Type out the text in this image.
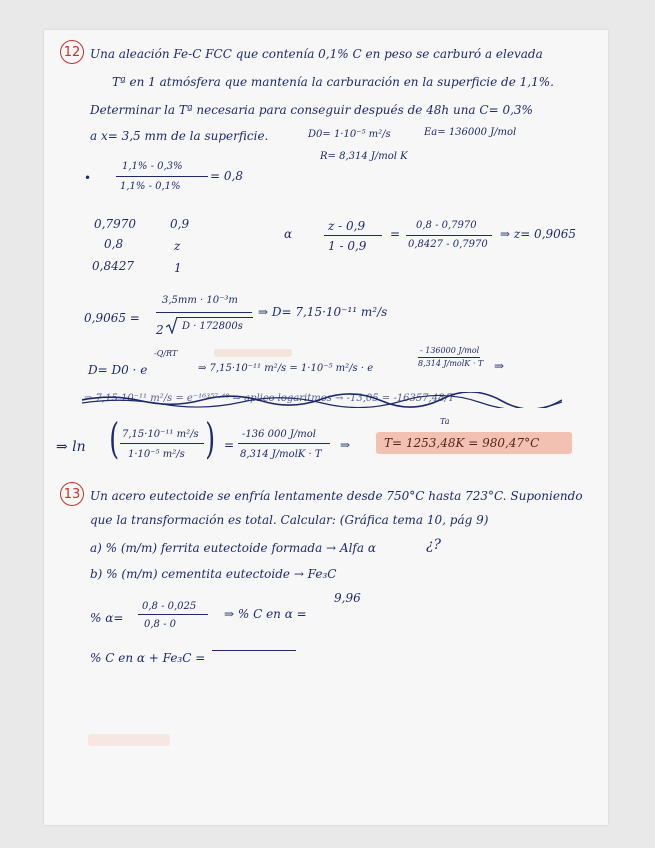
12 Una aleación Fe-C FCC que contenía 0,1% C en peso se carburó a elevada
Tª en 1 atmósfera que mantenía la carburación en la superficie de 1,1%.
Determinar la Tª necesaria para conseguir después de 48h una C= 0,3%
a x= 3,5 mm de la superficie.	D0= 1·10⁻⁵ m²/s	Ea= 136000 J/mol
R= 8,314 J/mol K
•
1,1% - 0,3%
1,1% - 0,1%
= 0,8
0,7970	0,9
0,8	z
0,8427	1
α
z - 0,9
1 - 0,9
=
0,8 - 0,7970
0,8427 - 0,7970
⇒ z= 0,9065
0,9065 =
3,5mm · 10⁻³m
2 D · 172800s
⇒ D= 7,15·10⁻¹¹ m²/s
D= D0 · e
-Q/RT
⇒ 7,15·10⁻¹¹ m²/s = 1·10⁻⁵ m²/s · e
- 136000 J/mol
8,314 J/molK · T ⇒
⇒ 7,15·10⁻¹¹ m²/s = e⁻¹⁶³⁵⁷·⁴⁸ ⇒ aplico logaritmos → -13,05 = -16357,48/T
Ta
⇒ ln ( 7,15·10⁻¹¹ m²/s
1·10⁻⁵ m²/s ) =
-136 000 J/mol
8,314 J/molK · T
⇒	T= 1253,48K = 980,47°C
13 Un acero eutectoide se enfría lentamente desde 750°C hasta 723°C. Suponiendo
que la transformación es total. Calcular: (Gráfica tema 10, pág 9)
a) % (m/m) ferrita eutectoide formada → Alfa α	¿?
b) % (m/m) cementita eutectoide → Fe₃C
% α=
0,8 - 0,025
0,8 - 0
⇒ % C en α =
9,96
% C en α + Fe₃C =
